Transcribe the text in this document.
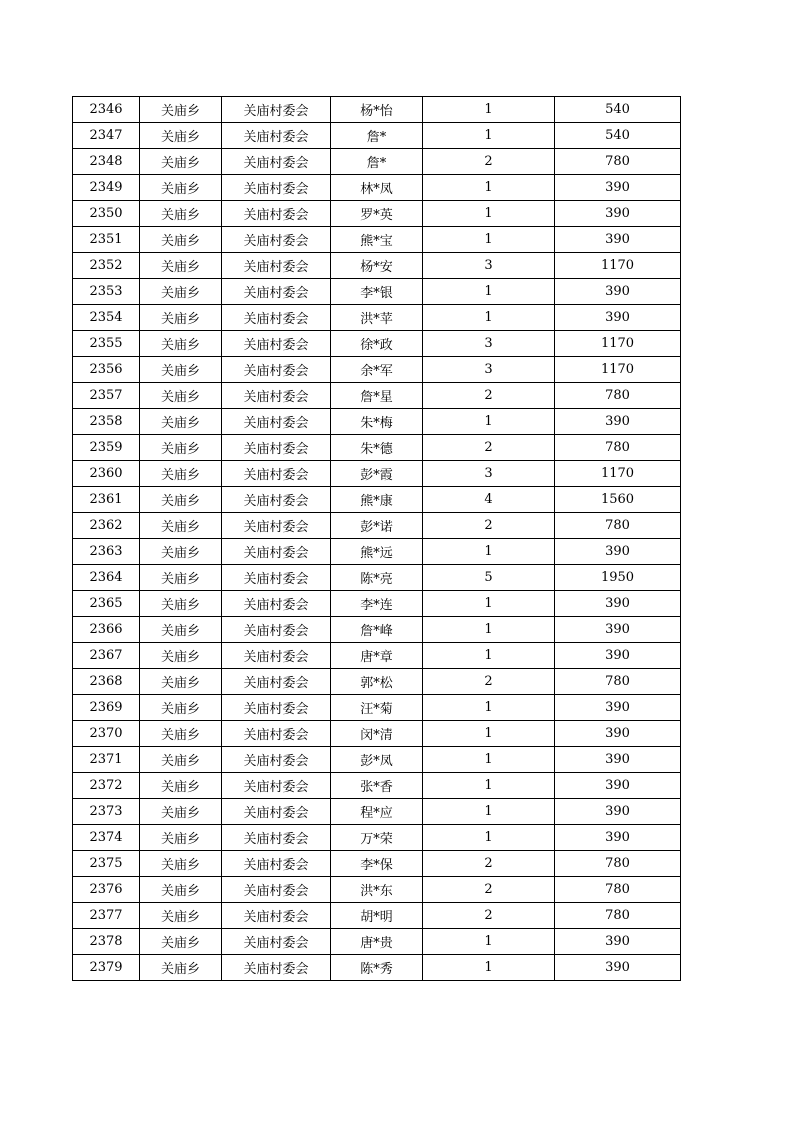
2346	关庙乡	关庙村委会	杨*怡	1	540
2347	关庙乡	关庙村委会	詹*	1	540
2348	关庙乡	关庙村委会	詹*	2	780
2349	关庙乡	关庙村委会	林*凤	1	390
2350	关庙乡	关庙村委会	罗*英	1	390
2351	关庙乡	关庙村委会	熊*宝	1	390
2352	关庙乡	关庙村委会	杨*安	3	1170
2353	关庙乡	关庙村委会	李*银	1	390
2354	关庙乡	关庙村委会	洪*苹	1	390
2355	关庙乡	关庙村委会	徐*政	3	1170
2356	关庙乡	关庙村委会	余*军	3	1170
2357	关庙乡	关庙村委会	詹*星	2	780
2358	关庙乡	关庙村委会	朱*梅	1	390
2359	关庙乡	关庙村委会	朱*德	2	780
2360	关庙乡	关庙村委会	彭*霞	3	1170
2361	关庙乡	关庙村委会	熊*康	4	1560
2362	关庙乡	关庙村委会	彭*诺	2	780
2363	关庙乡	关庙村委会	熊*远	1	390
2364	关庙乡	关庙村委会	陈*亮	5	1950
2365	关庙乡	关庙村委会	李*连	1	390
2366	关庙乡	关庙村委会	詹*峰	1	390
2367	关庙乡	关庙村委会	唐*章	1	390
2368	关庙乡	关庙村委会	郭*松	2	780
2369	关庙乡	关庙村委会	汪*菊	1	390
2370	关庙乡	关庙村委会	闵*清	1	390
2371	关庙乡	关庙村委会	彭*凤	1	390
2372	关庙乡	关庙村委会	张*香	1	390
2373	关庙乡	关庙村委会	程*应	1	390
2374	关庙乡	关庙村委会	万*荣	1	390
2375	关庙乡	关庙村委会	李*保	2	780
2376	关庙乡	关庙村委会	洪*东	2	780
2377	关庙乡	关庙村委会	胡*明	2	780
2378	关庙乡	关庙村委会	唐*贵	1	390
2379	关庙乡	关庙村委会	陈*秀	1	390
